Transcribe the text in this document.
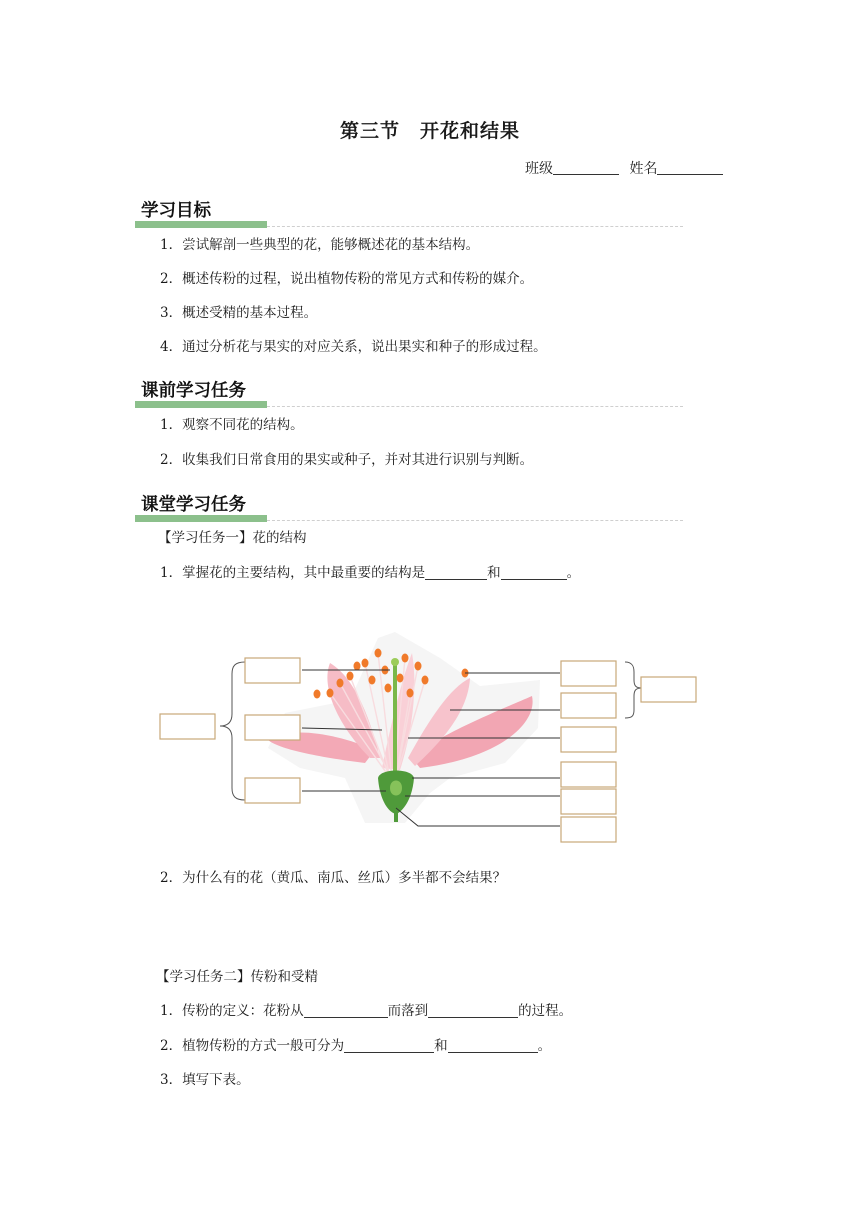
第三节 开花和结果
班级	姓名
学习目标
1．尝试解剖一些典型的花，能够概述花的基本结构。
2．概述传粉的过程，说出植物传粉的常见方式和传粉的媒介。
3．概述受精的基本过程。
4．通过分析花与果实的对应关系，说出果实和种子的形成过程。
课前学习任务
1．观察不同花的结构。
2．收集我们日常食用的果实或种子，并对其进行识别与判断。
课堂学习任务
【学习任务一】花的结构
1．掌握花的主要结构，其中最重要的结构是	和	。
2．为什么有的花（黄瓜、南瓜、丝瓜）多半都不会结果？
【学习任务二】传粉和受精
1．传粉的定义：花粉从	而落到	的过程。
2．植物传粉的方式一般可分为	和	。
3．填写下表。
